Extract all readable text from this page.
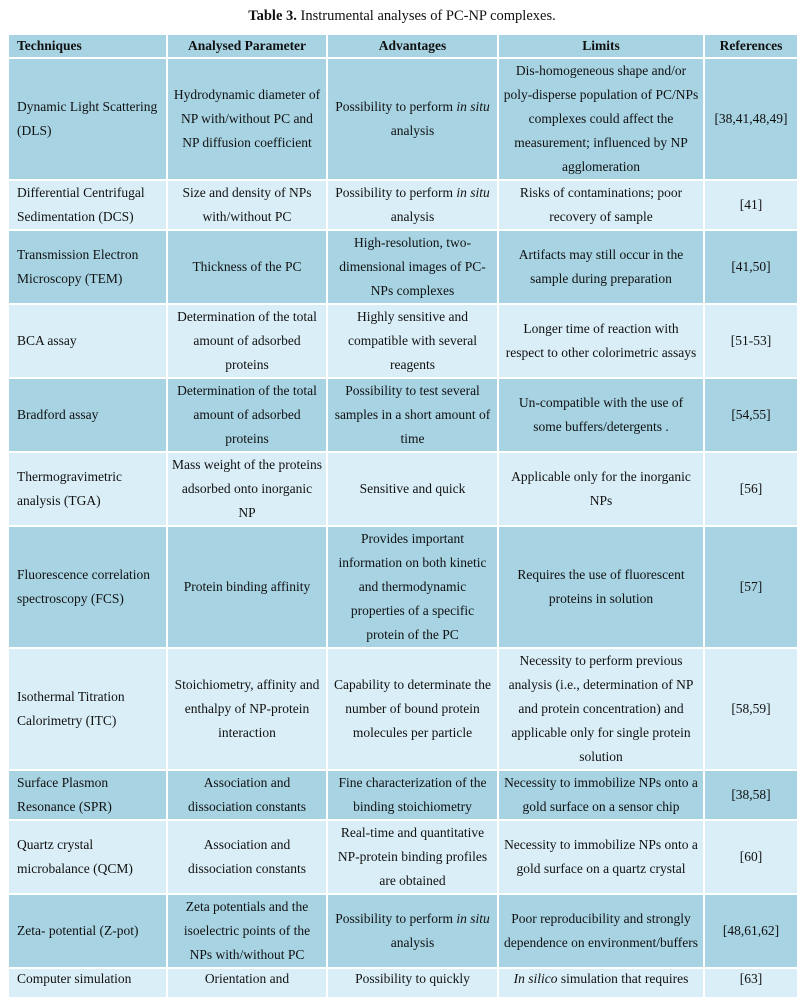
Table 3. Instrumental analyses of PC-NP complexes.
Techniques	Analysed Parameter	Advantages	Limits	References
Dynamic Light Scattering (DLS)	Hydrodynamic diameter of NP with/without PC and NP diffusion coefficient	Possibility to perform in situ analysis	Dis-homogeneous shape and/or poly-disperse population of PC/NPs complexes could affect the measurement; influenced by NP agglomeration	[38,41,48,49]
Differential Centrifugal Sedimentation (DCS)	Size and density of NPs with/without PC	Possibility to perform in situ analysis	Risks of contaminations; poor recovery of sample	[41]
Transmission Electron Microscopy (TEM)	Thickness of the PC	High-resolution, two-dimensional images of PC-NPs complexes	Artifacts may still occur in the sample during preparation	[41,50]
BCA assay	Determination of the total amount of adsorbed proteins	Highly sensitive and compatible with several reagents	Longer time of reaction with respect to other colorimetric assays	[51-53]
Bradford assay	Determination of the total amount of adsorbed proteins	Possibility to test several samples in a short amount of time	Un-compatible with the use of some buffers/detergents .	[54,55]
Thermogravimetric analysis (TGA)	Mass weight of the proteins adsorbed onto inorganic NP	Sensitive and quick	Applicable only for the inorganic NPs	[56]
Fluorescence correlation spectroscopy (FCS)	Protein binding affinity	Provides important information on both kinetic and thermodynamic properties of a specific protein of the PC	Requires the use of fluorescent proteins in solution	[57]
Isothermal Titration Calorimetry (ITC)	Stoichiometry, affinity and enthalpy of NP-protein interaction	Capability to determinate the number of bound protein molecules per particle	Necessity to perform previous analysis (i.e., determination of NP and protein concentration) and applicable only for single protein solution	[58,59]
Surface Plasmon Resonance (SPR)	Association and dissociation constants	Fine characterization of the binding stoichiometry	Necessity to immobilize NPs onto a gold surface on a sensor chip	[38,58]
Quartz crystal microbalance (QCM)	Association and dissociation constants	Real-time and quantitative NP-protein binding profiles are obtained	Necessity to immobilize NPs onto a gold surface on a quartz crystal	[60]
Zeta- potential (Z-pot)	Zeta potentials and the isoelectric points of the NPs with/without PC	Possibility to perform in situ analysis	Poor reproducibility and strongly dependence on environment/buffers	[48,61,62]
Computer simulation	Orientation and	Possibility to quickly	In silico simulation that requires	[63]
